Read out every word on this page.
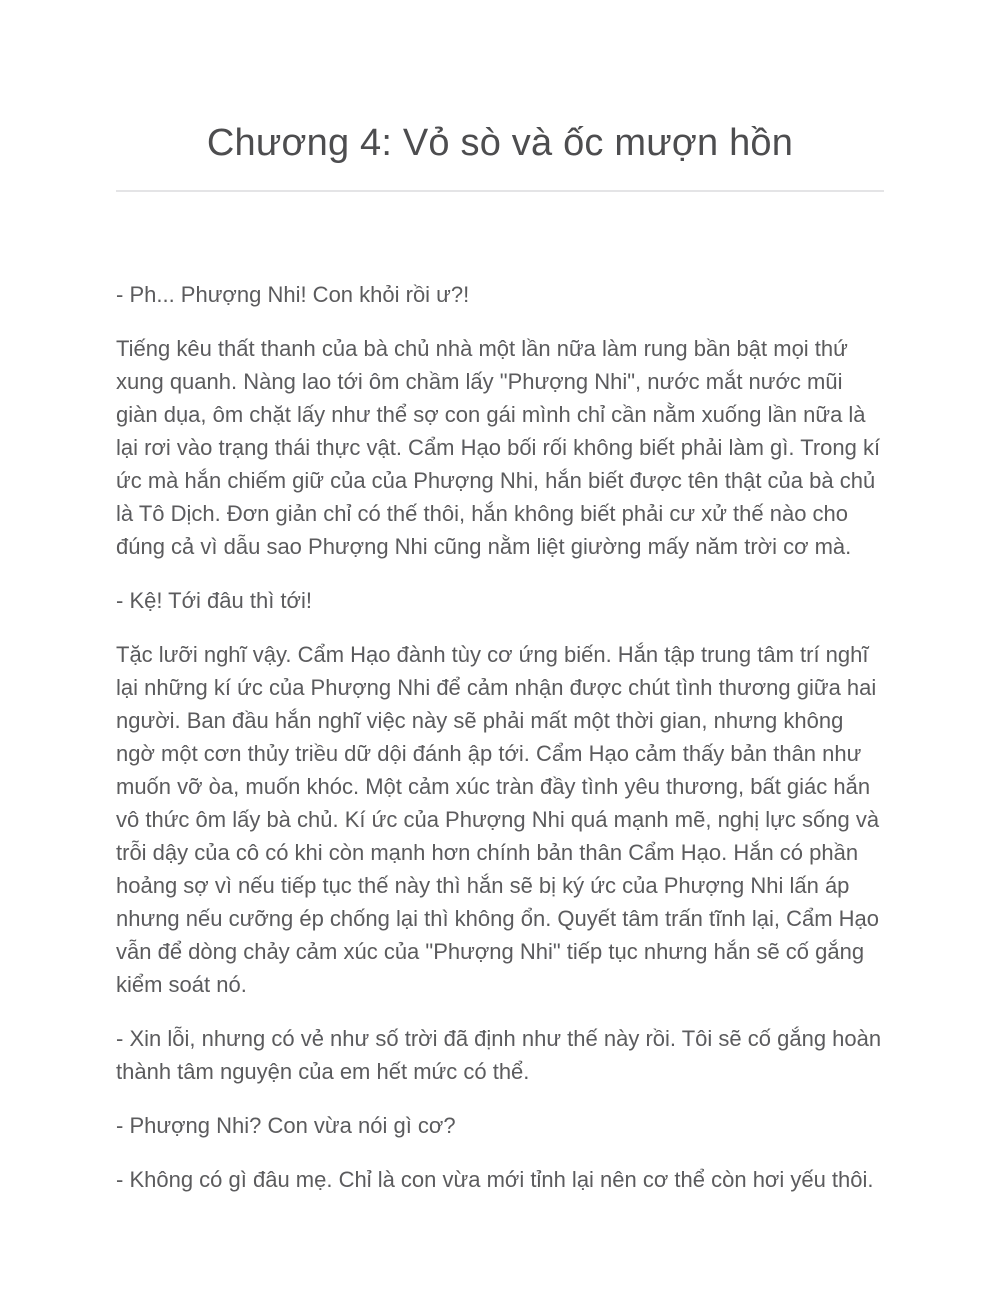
Chương 4: Vỏ sò và ốc mượn hồn

- Ph... Phượng Nhi! Con khỏi rồi ư?!

Tiếng kêu thất thanh của bà chủ nhà một lần nữa làm rung bần bật mọi thứ xung quanh. Nàng lao tới ôm chầm lấy "Phượng Nhi", nước mắt nước mũi giàn dụa, ôm chặt lấy như thể sợ con gái mình chỉ cần nằm xuống lần nữa là lại rơi vào trạng thái thực vật. Cẩm Hạo bối rối không biết phải làm gì. Trong kí ức mà hắn chiếm giữ của của Phượng Nhi, hắn biết được tên thật của bà chủ là Tô Dịch. Đơn giản chỉ có thế thôi, hắn không biết phải cư xử thế nào cho đúng cả vì dẫu sao Phượng Nhi cũng nằm liệt giường mấy năm trời cơ mà.

- Kệ! Tới đâu thì tới!

Tặc lưỡi nghĩ vậy. Cẩm Hạo đành tùy cơ ứng biến. Hắn tập trung tâm trí nghĩ lại những kí ức của Phượng Nhi để cảm nhận được chút tình thương giữa hai người. Ban đầu hắn nghĩ việc này sẽ phải mất một thời gian, nhưng không ngờ một cơn thủy triều dữ dội đánh ập tới. Cẩm Hạo cảm thấy bản thân như muốn vỡ òa, muốn khóc. Một cảm xúc tràn đầy tình yêu thương, bất giác hắn vô thức ôm lấy bà chủ. Kí ức của Phượng Nhi quá mạnh mẽ, nghị lực sống và trỗi dậy của cô có khi còn mạnh hơn chính bản thân Cẩm Hạo. Hắn có phần hoảng sợ vì nếu tiếp tục thế này thì hắn sẽ bị ký ức của Phượng Nhi lấn áp nhưng nếu cưỡng ép chống lại thì không ổn. Quyết tâm trấn tĩnh lại, Cẩm Hạo vẫn để dòng chảy cảm xúc của "Phượng Nhi" tiếp tục nhưng hắn sẽ cố gắng kiểm soát nó.

- Xin lỗi, nhưng có vẻ như số trời đã định như thế này rồi. Tôi sẽ cố gắng hoàn thành tâm nguyện của em hết mức có thể.

- Phượng Nhi? Con vừa nói gì cơ?

- Không có gì đâu mẹ. Chỉ là con vừa mới tỉnh lại nên cơ thể còn hơi yếu thôi.
